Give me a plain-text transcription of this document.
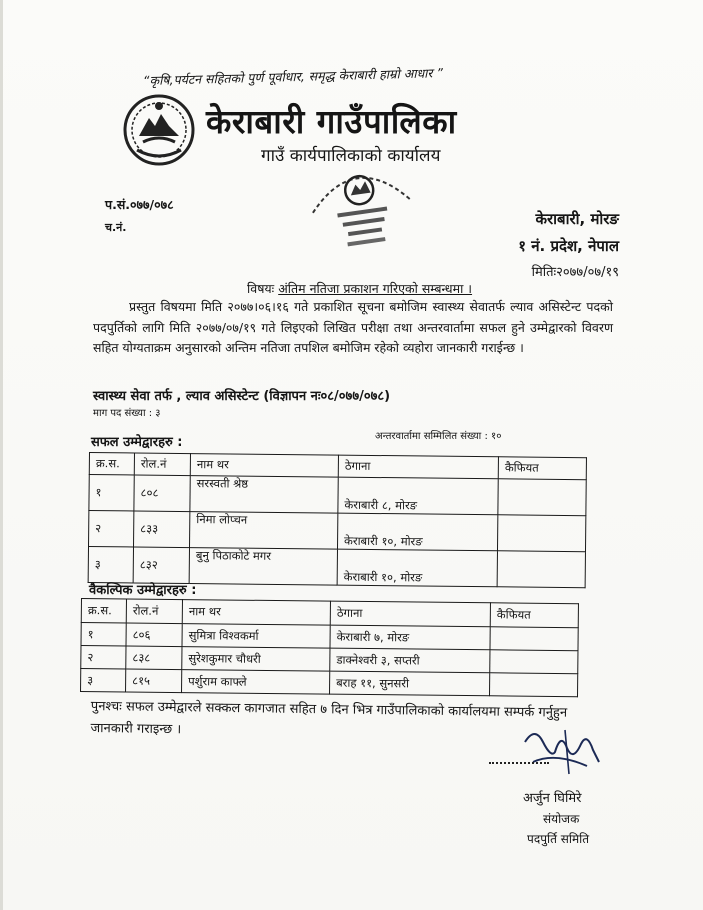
“कृषि,पर्यटन सहितको पुर्ण पूर्वाधार, समृद्ध केराबारी हाम्रो आधार ”
केराबारी गाउँपालिका
गाउँ कार्यपालिकाको कार्यालय
प.सं.०७७/०७८
च.नं.	केराबारी, मोरङ
१ नं. प्रदेश, नेपाल
मितिः२०७७/०७/१९
विषयः अंतिम नतिजा प्रकाशन गरिएको सम्बन्धमा ।
प्रस्तुत विषयमा मिति २०७७।०६।१६ गते प्रकाशित सूचना बमोजिम स्वास्थ्य सेवातर्फ ल्याव असिस्टेन्ट पदको पदपुर्तिको लागि मिति २०७७/०७/१९ गते लिइएको लिखित परीक्षा तथा अन्तरवार्तामा सफल हुने उम्मेद्वारको विवरण सहित योग्यताक्रम अनुसारको अन्तिम नतिजा तपशिल बमोजिम रहेको व्यहोरा जानकारी गराईन्छ ।
स्वास्थ्य सेवा तर्फ , ल्याव असिस्टेन्ट (विज्ञापन नः०८/०७७/०७८)
माग पद संख्या : ३
अन्तरवार्तामा सम्मिलित संख्या : १०
सफल उम्मेद्वारहरु :
क्र.स.	रोल.नं	नाम थर	ठेगाना	कैफियत
१	८०८	सरस्वती श्रेष्ठ	केराबारी ८, मोरङ	
२	८३३	निमा लोप्चन	केराबारी १०, मोरङ	
३	८३२	बुनु पिठाकोटे मगर	केराबारी १०, मोरङ	
वैकल्पिक उम्मेद्वारहरु :
क्र.स.	रोल.नं	नाम थर	ठेगाना	कैफियत
१	८०६	सुमित्रा विश्वकर्मा	केराबारी ७, मोरङ	
२	८३८	सुरेशकुमार चौधरी	डाक्नेश्वरी ३, सप्तरी	
३	८१५	पर्शुराम काफ्ले	बराह ११, सुनसरी	
पुनश्चः सफल उम्मेद्वारले सक्कल कागजात सहित ७ दिन भित्र गाउँपालिकाको कार्यालयमा सम्पर्क गर्नुहुन जानकारी गराइन्छ ।
अर्जुन घिमिरे
संयोजक
पदपुर्ति समिति
